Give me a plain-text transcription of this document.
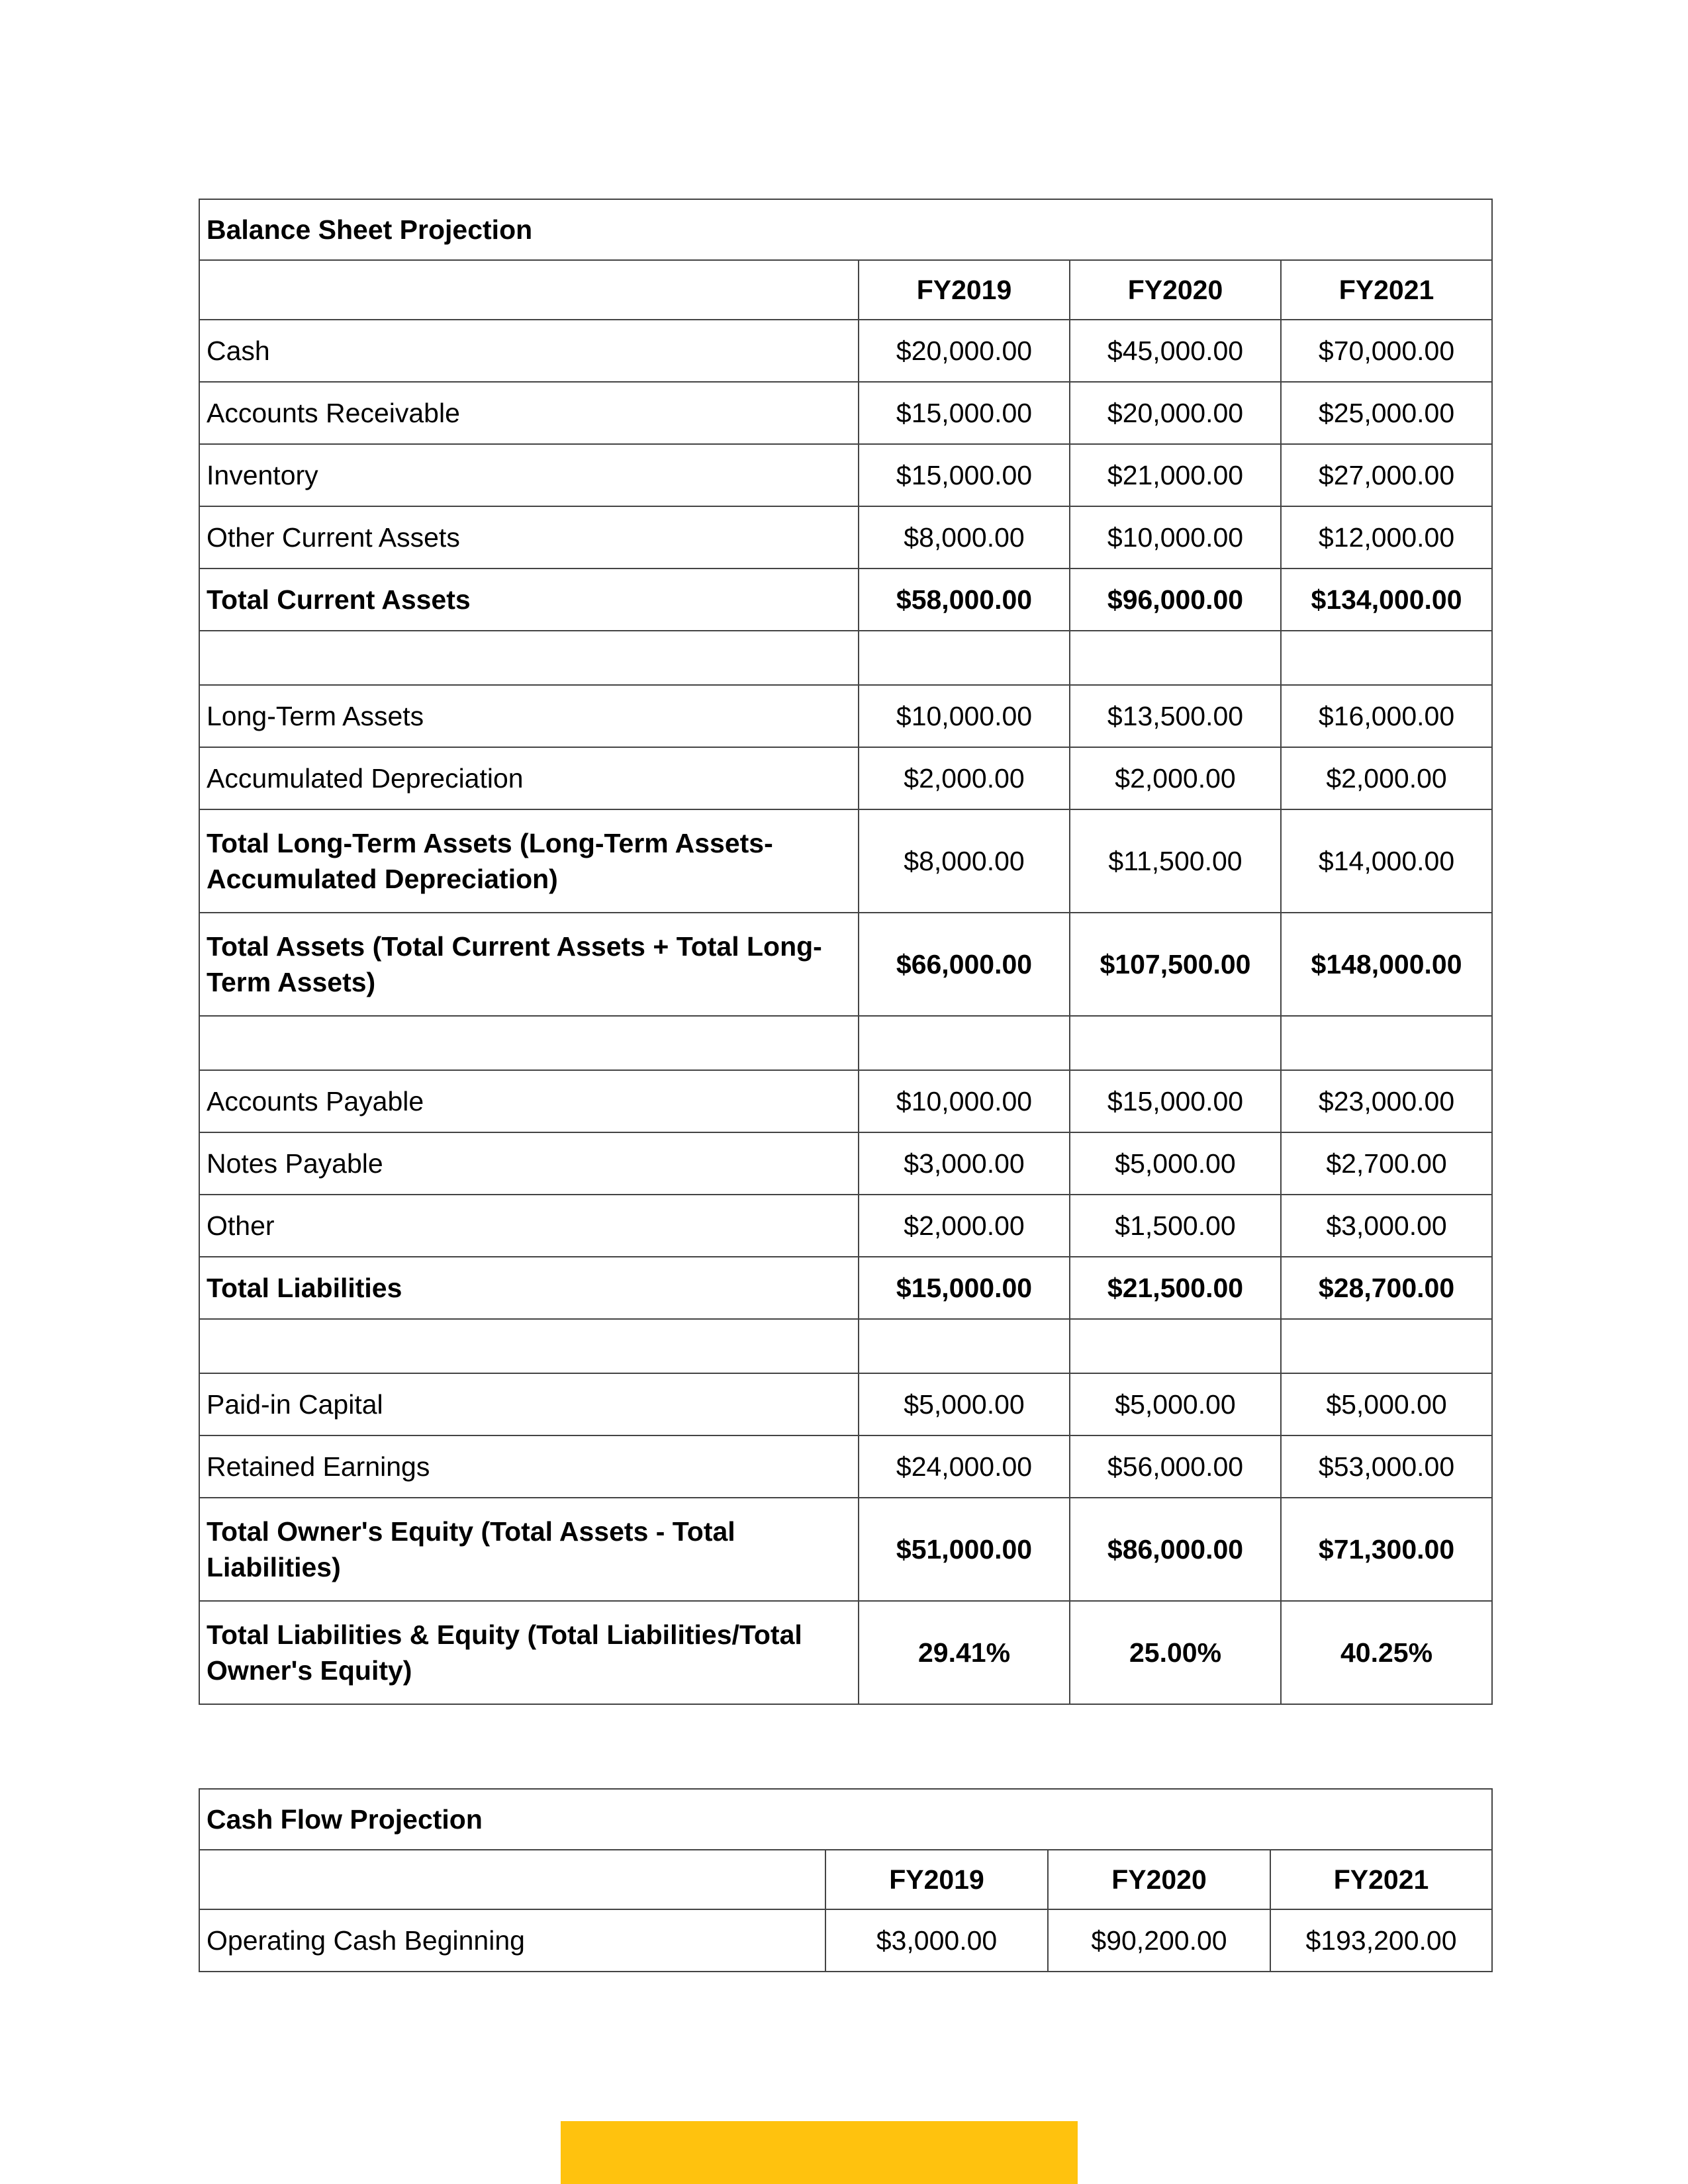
Balance Sheet Projection			
	FY2019	FY2020	FY2021
Cash	$20,000.00	$45,000.00	$70,000.00
Accounts Receivable	$15,000.00	$20,000.00	$25,000.00
Inventory	$15,000.00	$21,000.00	$27,000.00
Other Current Assets	$8,000.00	$10,000.00	$12,000.00
Total Current Assets	$58,000.00	$96,000.00	$134,000.00

Long-Term Assets	$10,000.00	$13,500.00	$16,000.00
Accumulated Depreciation	$2,000.00	$2,000.00	$2,000.00
Total Long-Term Assets (Long-Term Assets-Accumulated Depreciation)	$8,000.00	$11,500.00	$14,000.00
Total Assets (Total Current Assets + Total Long-Term Assets)	$66,000.00	$107,500.00	$148,000.00

Accounts Payable	$10,000.00	$15,000.00	$23,000.00
Notes Payable	$3,000.00	$5,000.00	$2,700.00
Other	$2,000.00	$1,500.00	$3,000.00
Total Liabilities	$15,000.00	$21,500.00	$28,700.00

Paid-in Capital	$5,000.00	$5,000.00	$5,000.00
Retained Earnings	$24,000.00	$56,000.00	$53,000.00
Total Owner's Equity (Total Assets - Total Liabilities)	$51,000.00	$86,000.00	$71,300.00
Total Liabilities & Equity (Total Liabilities/Total Owner's Equity)	29.41%	25.00%	40.25%
Cash Flow Projection			
	FY2019	FY2020	FY2021
Operating Cash Beginning	$3,000.00	$90,200.00	$193,200.00
